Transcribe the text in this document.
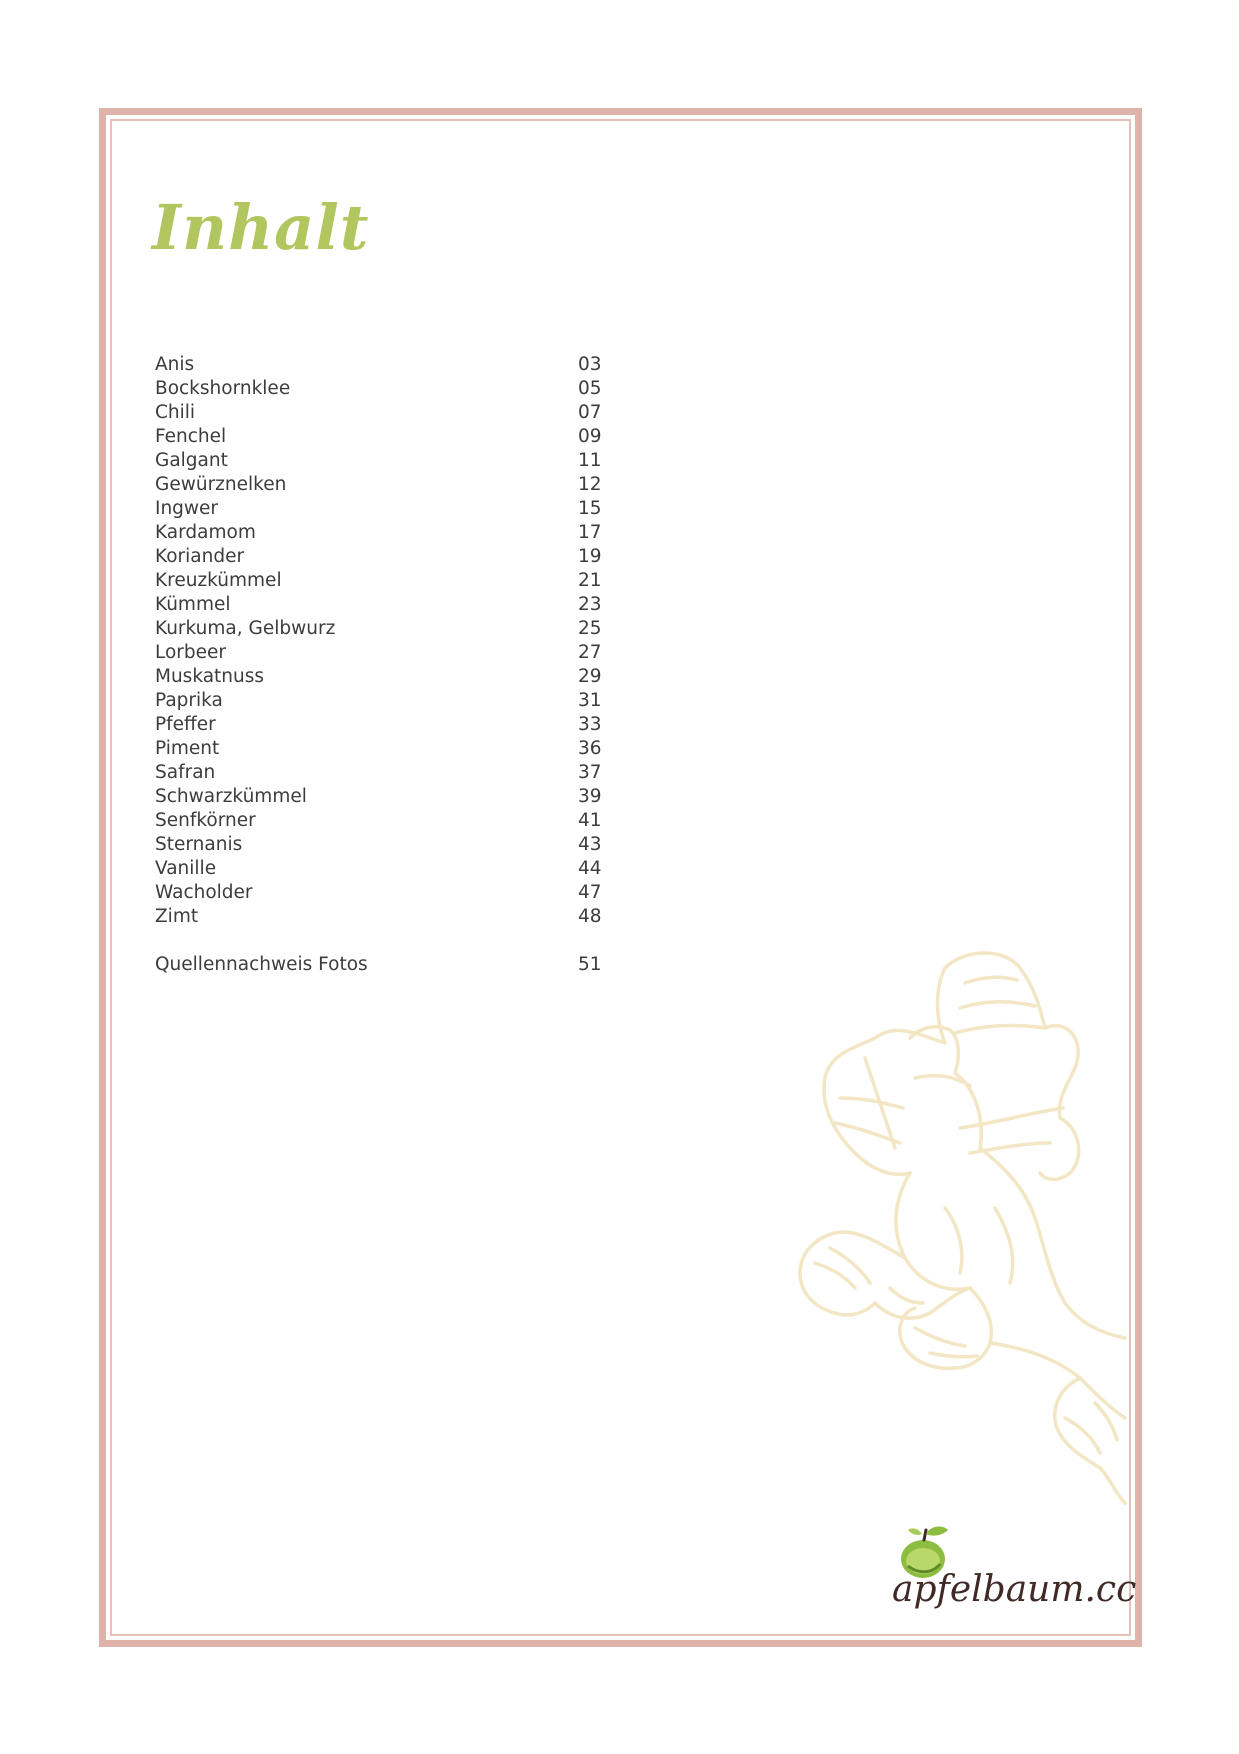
Inhalt
Anis	03
Bockshornklee	05
Chili	07
Fenchel	09
Galgant	11
Gewürznelken	12
Ingwer	15
Kardamom	17
Koriander	19
Kreuzkümmel	21
Kümmel	23
Kurkuma, Gelbwurz	25
Lorbeer	27
Muskatnuss	29
Paprika	31
Pfeffer	33
Piment	36
Safran	37
Schwarzkümmel	39
Senfkörner	41
Sternanis	43
Vanille	44
Wacholder	47
Zimt	48
Quellennachweis Fotos	51
apfelbaum.cc
